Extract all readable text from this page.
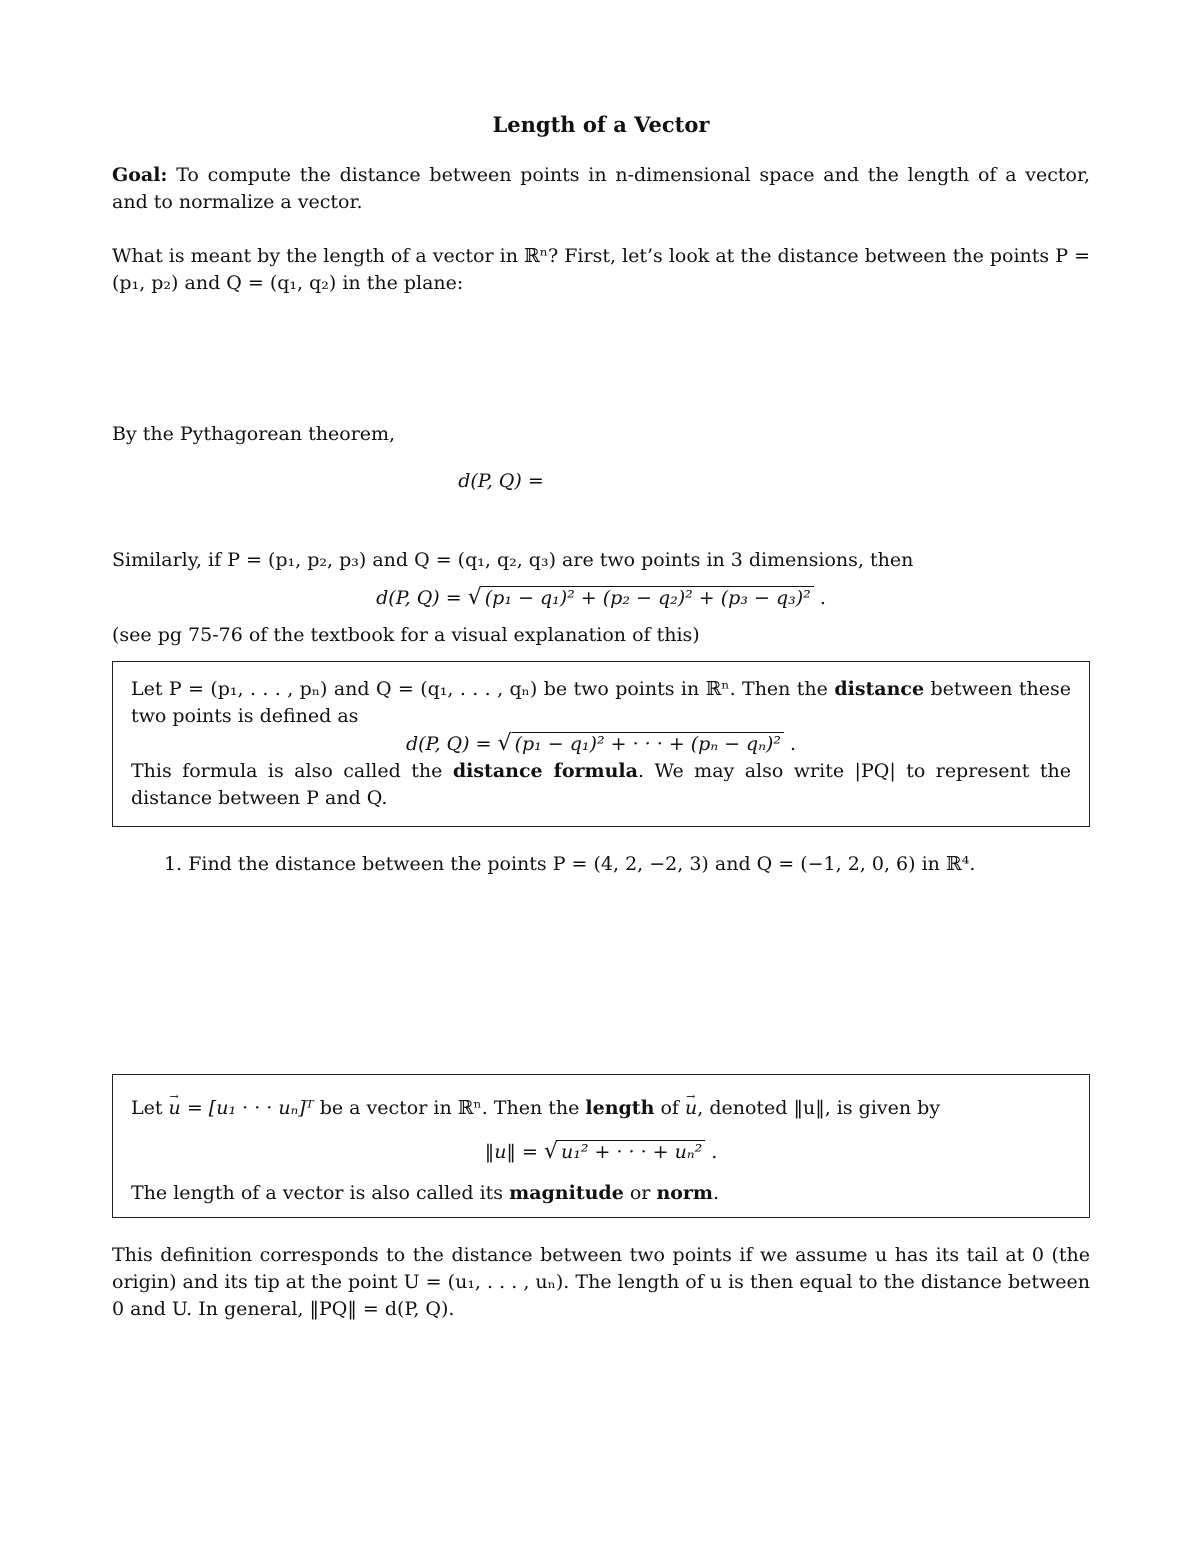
Length of a Vector

Goal: To compute the distance between points in n-dimensional space and the length of a vector, and to normalize a vector.

What is meant by the length of a vector in ℝⁿ? First, let’s look at the distance between the points P = (p₁, p₂) and Q = (q₁, q₂) in the plane:

By the Pythagorean theorem,

d(P, Q) =

Similarly, if P = (p₁, p₂, p₃) and Q = (q₁, q₂, q₃) are two points in 3 dimensions, then

d(P, Q) = √ (p₁ − q₁)² + (p₂ − q₂)² + (p₃ − q₃)² .

(see pg 75-76 of the textbook for a visual explanation of this)

Let P = (p₁, . . . , pₙ) and Q = (q₁, . . . , qₙ) be two points in ℝⁿ. Then the distance between these two points is defined as

d(P, Q) = √ (p₁ − q₁)² + · · · + (pₙ − qₙ)² .

This formula is also called the distance formula. We may also write |PQ| to represent the distance between P and Q.

1. Find the distance between the points P = (4, 2, −2, 3) and Q = (−1, 2, 0, 6) in ℝ⁴.

Let → u = [u₁ · · · uₙ]ᵀ be a vector in ℝⁿ. Then the length of → u, denoted ‖u‖, is given by

‖u‖ = √ u₁² + · · · + uₙ² .

The length of a vector is also called its magnitude or norm.

This definition corresponds to the distance between two points if we assume u has its tail at 0 (the origin) and its tip at the point U = (u₁, . . . , uₙ). The length of u is then equal to the distance between 0 and U. In general, ‖PQ‖ = d(P, Q).
